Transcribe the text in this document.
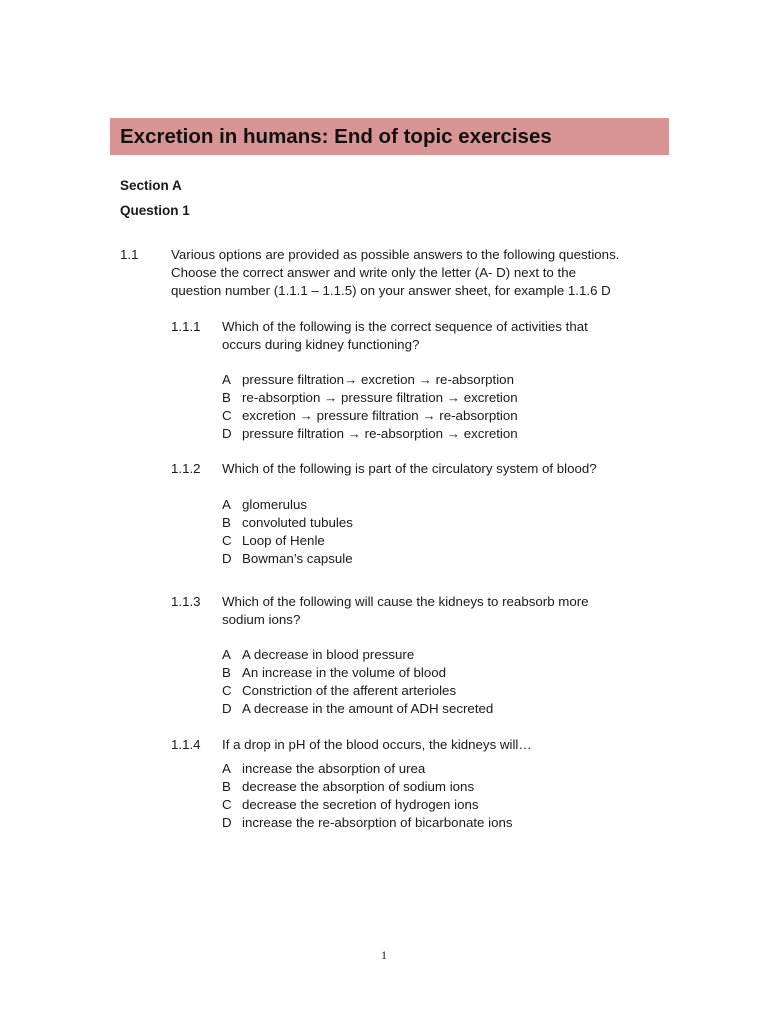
Excretion in humans: End of topic exercises
Section A
Question 1
1.1 Various options are provided as possible answers to the following questions.
Choose the correct answer and write only the letter (A- D) next to the
question number (1.1.1 – 1.1.5) on your answer sheet, for example 1.1.6 D
1.1.1 Which of the following is the correct sequence of activities that
occurs during kidney functioning?
A pressure filtration→ excretion → re-absorption
B re-absorption → pressure filtration → excretion
C excretion → pressure filtration → re-absorption
D pressure filtration → re-absorption → excretion
1.1.2 Which of the following is part of the circulatory system of blood?
A glomerulus
B convoluted tubules
C Loop of Henle
D Bowman’s capsule
1.1.3 Which of the following will cause the kidneys to reabsorb more
sodium ions?
A A decrease in blood pressure
B An increase in the volume of blood
C Constriction of the afferent arterioles
D A decrease in the amount of ADH secreted
1.1.4 If a drop in pH of the blood occurs, the kidneys will…
A increase the absorption of urea
B decrease the absorption of sodium ions
C decrease the secretion of hydrogen ions
D increase the re-absorption of bicarbonate ions
1
